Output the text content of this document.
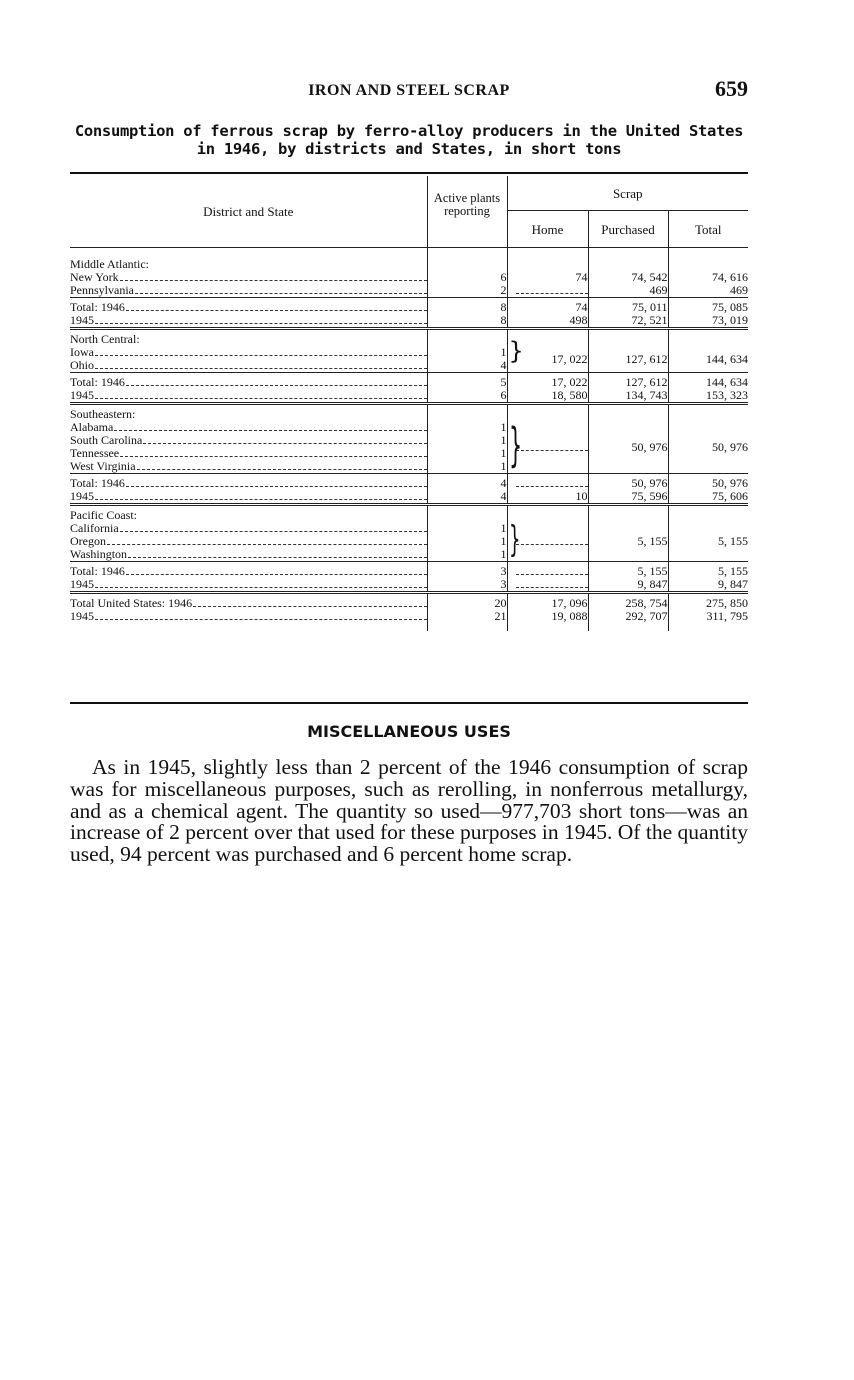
IRON AND STEEL SCRAP	659
Consumption of ferrous scrap by ferro-alloy producers in the United States in 1946, by districts and States, in short tons
District and State	Active plants reporting	Scrap		
		Home	Purchased	Total

Middle Atlantic:				

New York	6	74	74, 542	74, 616

Pennsylvania	2		469	469

Total: 1946	8	74	75, 011	75, 085

1945	8	498	72, 521	73, 019

North Central:				

Iowa	1	} 17, 022	127, 612	144, 634

Ohio	4			

Total: 1946	5	17, 022	127, 612	144, 634

1945	6	18, 580	134, 743	153, 323

Southeastern:				

Alabama	1	}	50, 976	50, 976

South Carolina	1			

Tennessee	1			

West Virginia	1			

Total: 1946	4		50, 976	50, 976

1945	4	10	75, 596	75, 606

Pacific Coast:				

California	1	}	5, 155	5, 155

Oregon	1			

Washington	1			

Total: 1946	3		5, 155	5, 155

1945	3		9, 847	9, 847

Total United States: 1946	20	17, 096	258, 754	275, 850

1945	21	19, 088	292, 707	311, 795

MISCELLANEOUS USES
As in 1945, slightly less than 2 percent of the 1946 consumption of scrap was for miscellaneous purposes, such as rerolling, in nonferrous metallurgy, and as a chemical agent. The quantity so used—977,703 short tons—was an increase of 2 percent over that used for these purposes in 1945. Of the quantity used, 94 percent was purchased and 6 percent home scrap.
